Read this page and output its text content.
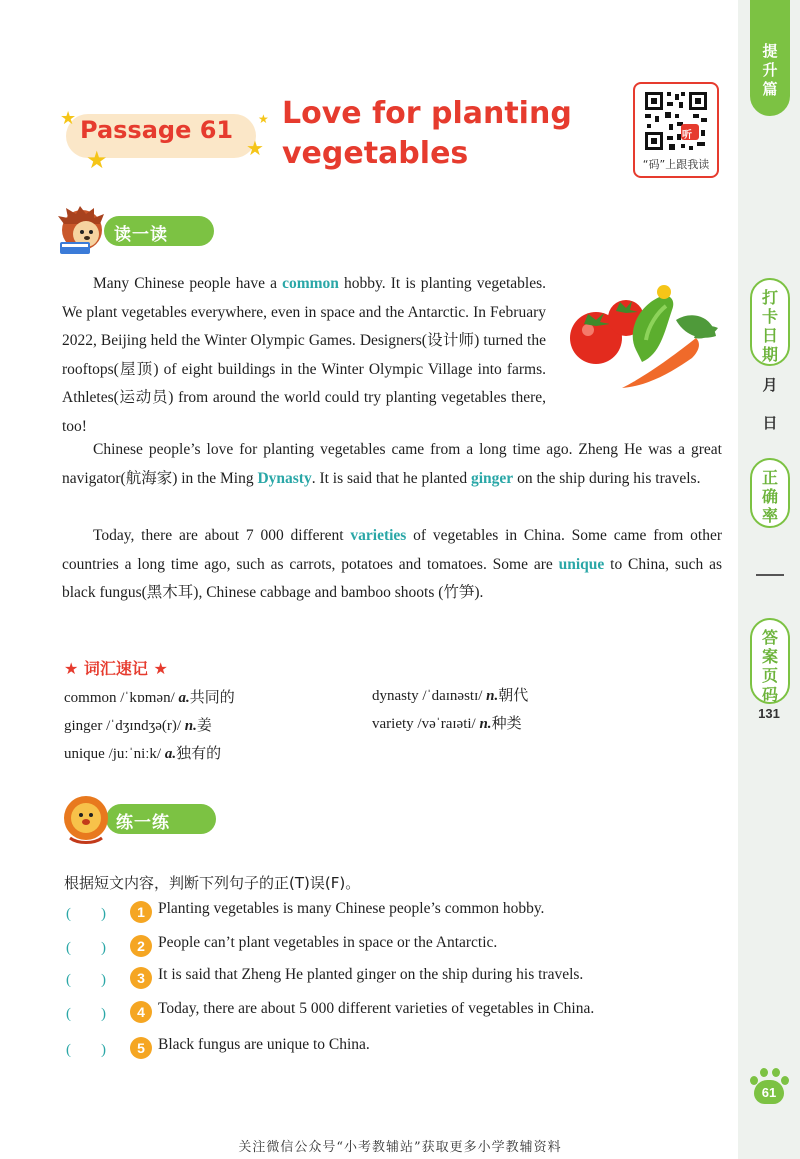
提
升
篇
打
卡
日
期
月
日
正
确
率
答
案
页
码
131
★
★	★
★
Passage 61 Love for planting vegetables
听
“码”上跟我读
读一读

Many Chinese people have a common hobby. It is planting vegetables. We plant vegetables everywhere, even in space and the Antarctic. In February 2022, Beijing held the Winter Olympic Games. Designers(设计师) turned the rooftops(屋顶) of eight buildings in the Winter Olympic Village into farms. Athletes(运动员) from around the world could try planting vegetables there, too!

Chinese people’s love for planting vegetables came from a long time ago. Zheng He was a great navigator(航海家) in the Ming Dynasty. It is said that he planted ginger on the ship during his travels.

Today, there are about 7 000 different varieties of vegetables in China. Some came from other countries a long time ago, such as carrots, potatoes and tomatoes. Some are unique to China, such as black fungus(黑木耳), Chinese cabbage and bamboo shoots (竹笋).

★ 词汇速记 ★
common /ˈkɒmən/ a.共同的	dynasty /ˈdaɪnəstɪ/ n.朝代
ginger /ˈdʒɪndʒə(r)/ n.姜	variety /vəˈraɪəti/ n.种类
unique /juːˈniːk/ a.独有的
练一练
根据短文内容，判断下列句子的正(T)误(F)。
(　　)	1 Planting vegetables is many Chinese people’s common hobby.
(　　)	2 People can’t plant vegetables in space or the Antarctic.
(　　)	3 It is said that Zheng He planted ginger on the ship during his travels.
(　　)	4 Today, there are about 5 000 different varieties of vegetables in China.
(　　)	5 Black fungus are unique to China.
61
关注微信公众号“小考教辅站”获取更多小学教辅资料
